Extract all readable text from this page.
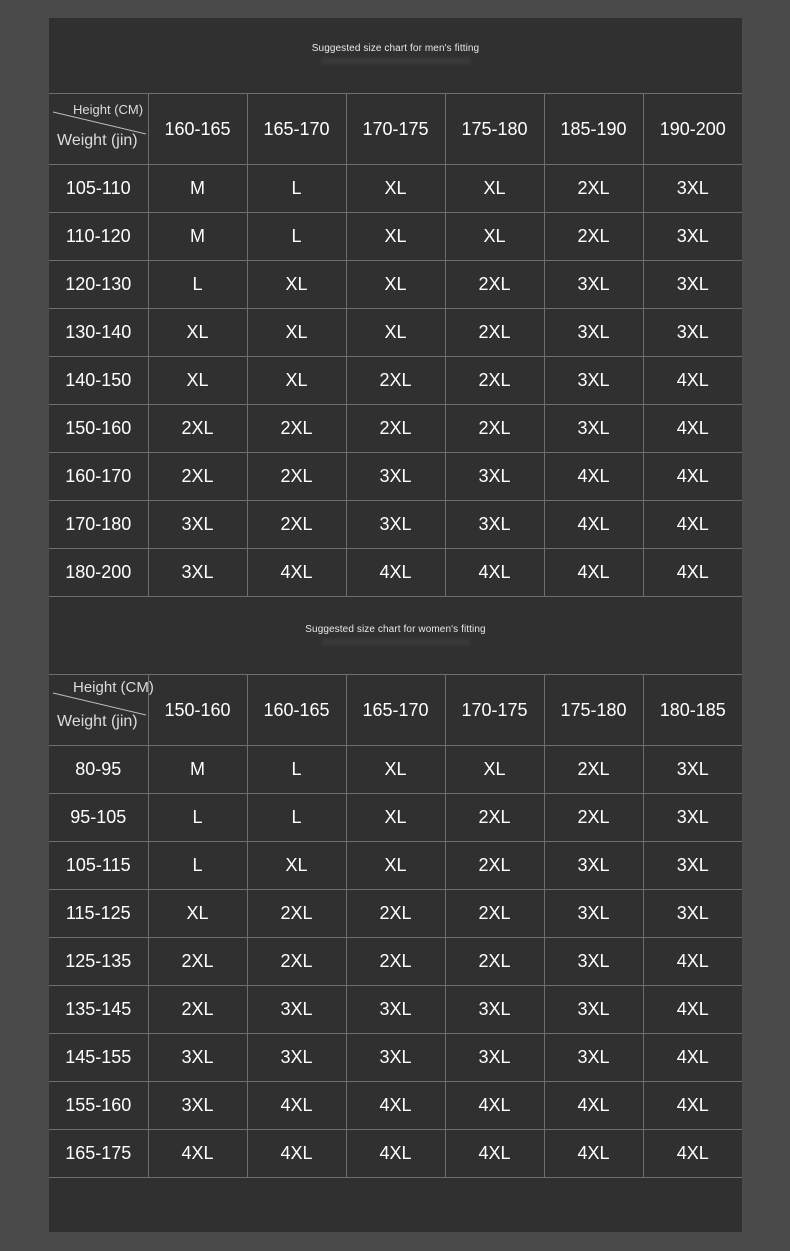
Suggested size chart for men's fitting
Height (CM)
Weight (jin)	160-165	165-170	170-175	175-180	185-190	190-200
105-110	M	L	XL	XL	2XL	3XL
110-120	M	L	XL	XL	2XL	3XL
120-130	L	XL	XL	2XL	3XL	3XL
130-140	XL	XL	XL	2XL	3XL	3XL
140-150	XL	XL	2XL	2XL	3XL	4XL
150-160	2XL	2XL	2XL	2XL	3XL	4XL
160-170	2XL	2XL	3XL	3XL	4XL	4XL
170-180	3XL	2XL	3XL	3XL	4XL	4XL
180-200	3XL	4XL	4XL	4XL	4XL	4XL
Suggested size chart for women's fitting
Height (CM)
Weight (jin)	150-160	160-165	165-170	170-175	175-180	180-185
80-95	M	L	XL	XL	2XL	3XL
95-105	L	L	XL	2XL	2XL	3XL
105-115	L	XL	XL	2XL	3XL	3XL
115-125	XL	2XL	2XL	2XL	3XL	3XL
125-135	2XL	2XL	2XL	2XL	3XL	4XL
135-145	2XL	3XL	3XL	3XL	3XL	4XL
145-155	3XL	3XL	3XL	3XL	3XL	4XL
155-160	3XL	4XL	4XL	4XL	4XL	4XL
165-175	4XL	4XL	4XL	4XL	4XL	4XL
